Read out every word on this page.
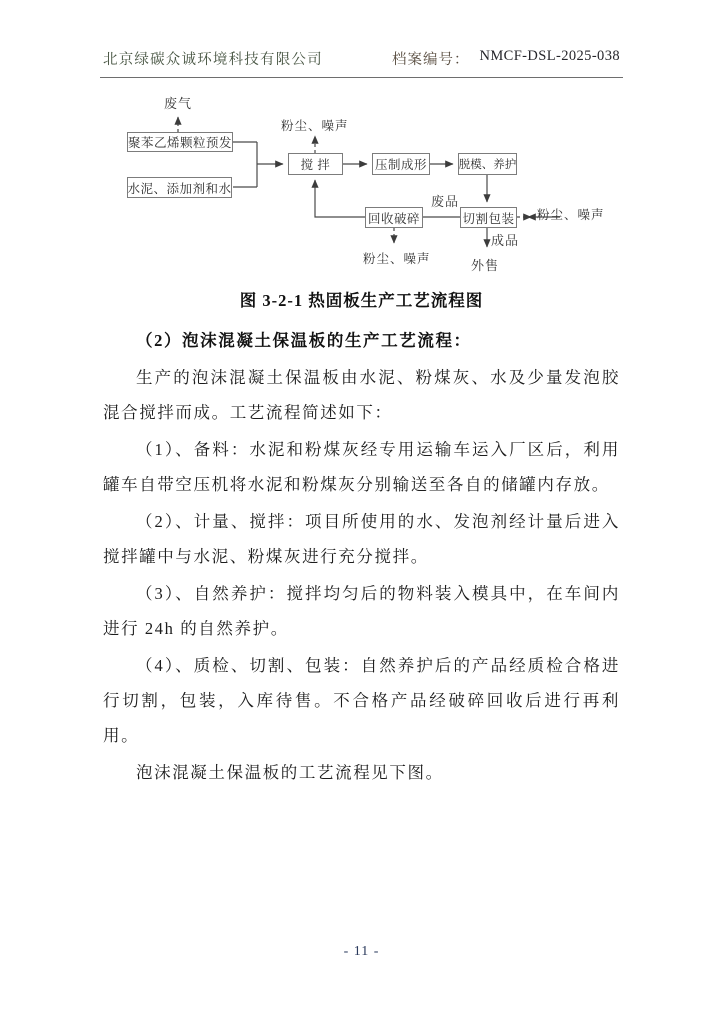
北京绿碳众诚环境科技有限公司	档案编号： NMCF-DSL-2025-038
聚苯乙烯颗粒预发
水泥、添加剂和水
搅 拌	压制成形	脱模、养护
切割包装
回收破碎
废气
粉尘、噪声
废品
粉尘、噪声
成品
外售
粉尘、噪声
图 3-2-1 热固板生产工艺流程图

（2）泡沫混凝土保温板的生产工艺流程：

生产的泡沫混凝土保温板由水泥、粉煤灰、水及少量发泡胶混合搅拌而成。工艺流程简述如下：

（1）、备料：水泥和粉煤灰经专用运输车运入厂区后，利用罐车自带空压机将水泥和粉煤灰分别输送至各自的储罐内存放。

（2）、计量、搅拌：项目所使用的水、发泡剂经计量后进入搅拌罐中与水泥、粉煤灰进行充分搅拌。

（3）、自然养护：搅拌均匀后的物料装入模具中，在车间内进行 24h 的自然养护。

（4）、质检、切割、包装：自然养护后的产品经质检合格进行切割，包装，入库待售。不合格产品经破碎回收后进行再利用。

泡沫混凝土保温板的工艺流程见下图。

- 11 -
